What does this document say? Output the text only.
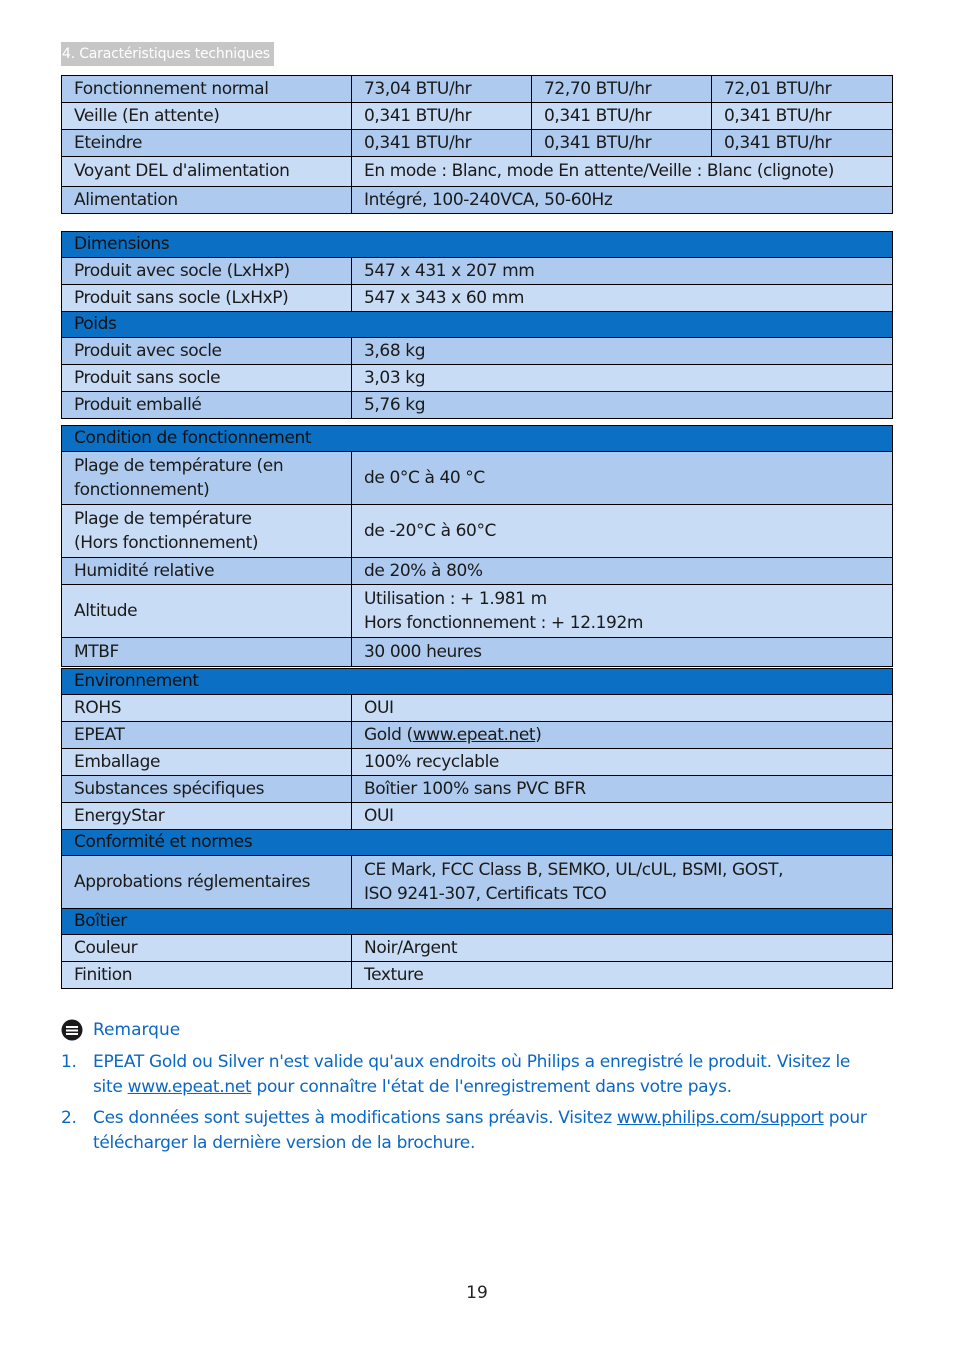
4. Caractéristiques techniques
Fonctionnement normal	73,04 BTU/hr	72,70 BTU/hr	72,01 BTU/hr
Veille (En attente)	0,341 BTU/hr	0,341 BTU/hr	0,341 BTU/hr
Eteindre	0,341 BTU/hr	0,341 BTU/hr	0,341 BTU/hr
Voyant DEL d'alimentation	En mode : Blanc, mode En attente/Veille : Blanc (clignote)		
Alimentation	Intégré, 100-240VCA, 50-60Hz		
Dimensions	
Produit avec socle (LxHxP)	547 x 431 x 207 mm
Produit sans socle (LxHxP)	547 x 343 x 60 mm
Poids	
Produit avec socle	3,68 kg
Produit sans socle	3,03 kg
Produit emballé	5,76 kg
Condition de fonctionnement	
Plage de température (en fonctionnement)	de 0°C à 40 °C

Plage de température
(Hors fonctionnement)	de -20°C à 60°C
Humidité relative	de 20% à 80%
Altitude	Utilisation : + 1.981 m
Hors fonctionnement : + 12.192m

MTBF	30 000 heures
Environnement	
ROHS	OUI
EPEAT	Gold (www.epeat.net)
Emballage	100% recyclable
Substances spécifiques	Boîtier 100% sans PVC BFR
EnergyStar	OUI
Conformité et normes	
Approbations réglementaires	CE Mark, FCC Class B, SEMKO, UL/cUL, BSMI, GOST,
ISO 9241-307, Certificats TCO

Boîtier	
Couleur	Noir/Argent
Finition	Texture
Remarque
1. EPEAT Gold ou Silver n'est valide qu'aux endroits où Philips a enregistré le produit. Visitez le site www.epeat.net pour connaître l'état de l'enregistrement dans votre pays.
2. Ces données sont sujettes à modifications sans préavis. Visitez www.philips.com/support pour télécharger la dernière version de la brochure.
19
